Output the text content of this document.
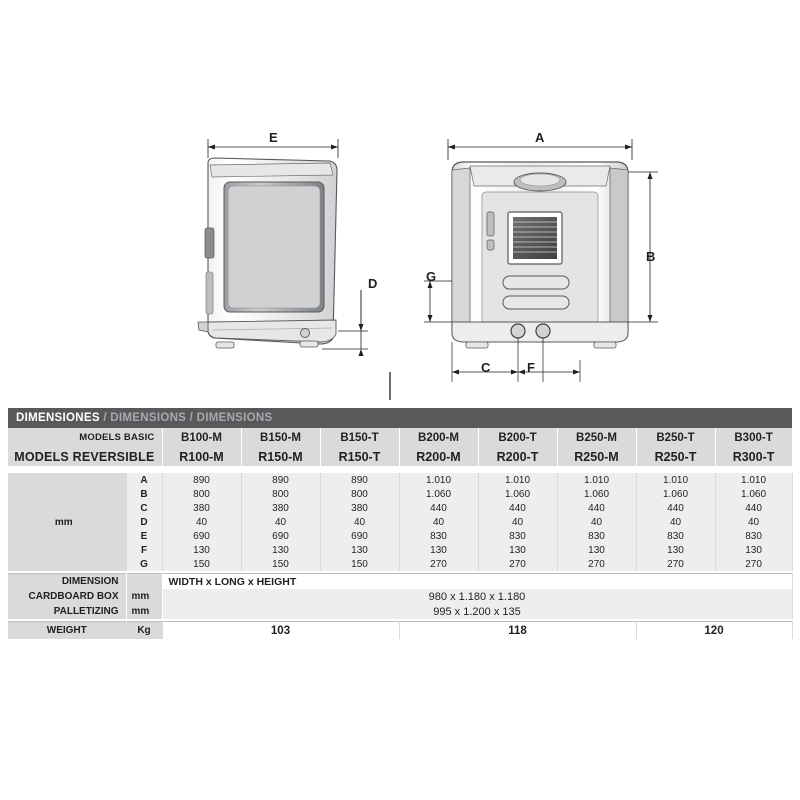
E
D
A
B
G
C	F
DIMENSIONES / DIMENSIONS / DIMENSIONS									
MODELS BASIC		B100-M	B150-M	B150-T	B200-M	B200-T	B250-M	B250-T	B300-T
MODELS REVERSIBLE		R100-M	R150-M	R150-T	R200-M	R200-T	R250-M	R250-T	R300-T

mm	A	890	890	890	1.010	1.010	1.010	1.010	1.010
	B	800	800	800	1.060	1.060	1.060	1.060	1.060
	C	380	380	380	440	440	440	440	440
	D	40	40	40	40	40	40	40	40
	E	690	690	690	830	830	830	830	830
	F	130	130	130	130	130	130	130	130
	G	150	150	150	270	270	270	270	270
DIMENSION		WIDTH x LONG x HEIGHT
CARDBOARD BOX	mm	980 x 1.180 x 1.180
PALLETIZING	mm	995 x 1.200 x 135
WEIGHT	Kg	103	118	120
